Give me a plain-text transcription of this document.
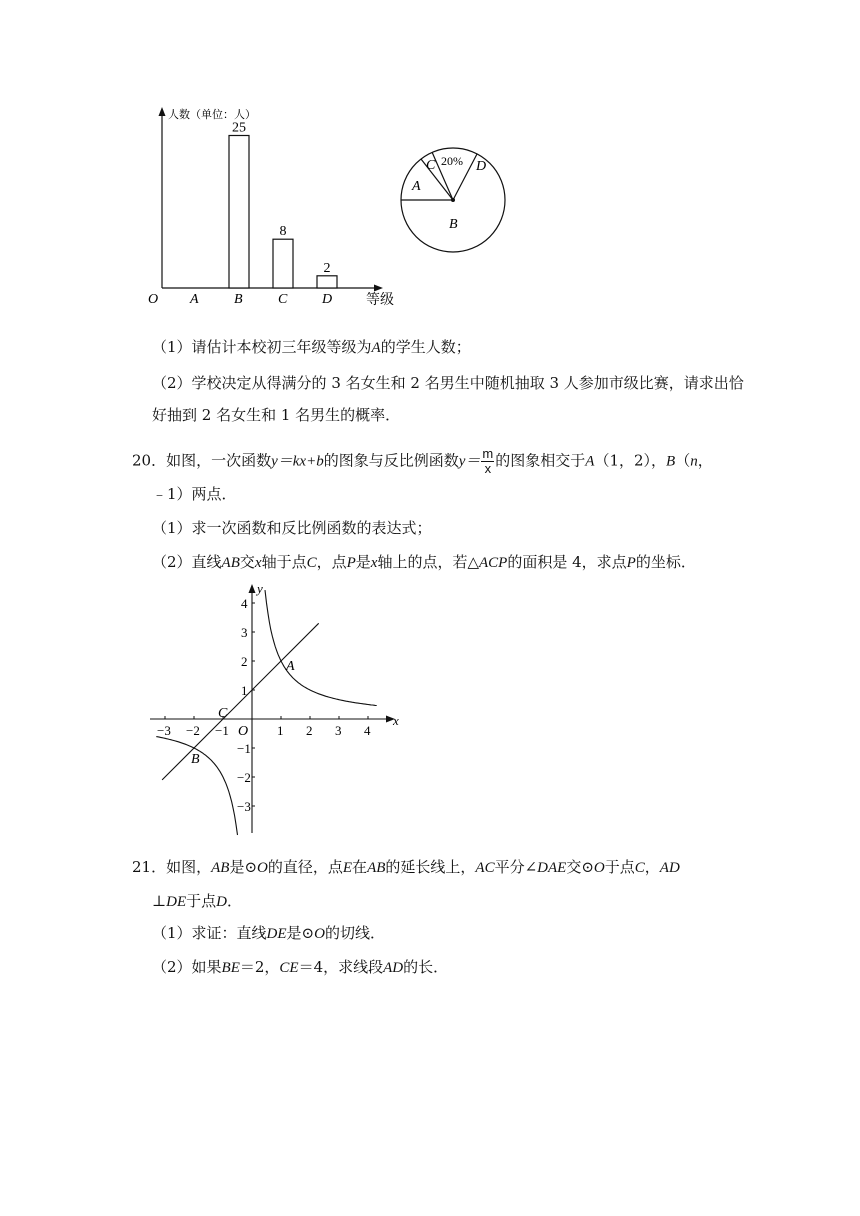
人数（单位：人）
O	等级
A	B
25
C
8
D
2
A
B
C	D
20%
（1）请估计本校初三年级等级为A的学生人数；
（2）学校决定从得满分的 3 名女生和 2 名男生中随机抽取 3 人参加市级比赛，请求出恰
好抽到 2 名女生和 1 名男生的概率．
20．如图，一次函数y＝kx+b的图象与反比例函数$y= \frac{m}{x}$ 的图象相交于A（1，2），B（n，
﹣1）两点．
（1）求一次函数和反比例函数的表达式；
（2）直线AB交x轴于点C，点P是x轴上的点，若△ACP的面积是 4，求点P的坐标．
x
y
O
−3 −2 −1	1 2 3 4
4
3
2
1
−1
−2
−3
A
B
C
21．如图，AB是⊙O的直径，点E在AB的延长线上，AC平分∠DAE交⊙O于点C，AD
⊥DE于点D．
（1）求证：直线DE是⊙O的切线．
（2）如果BE＝2，CE＝4，求线段AD的长．
